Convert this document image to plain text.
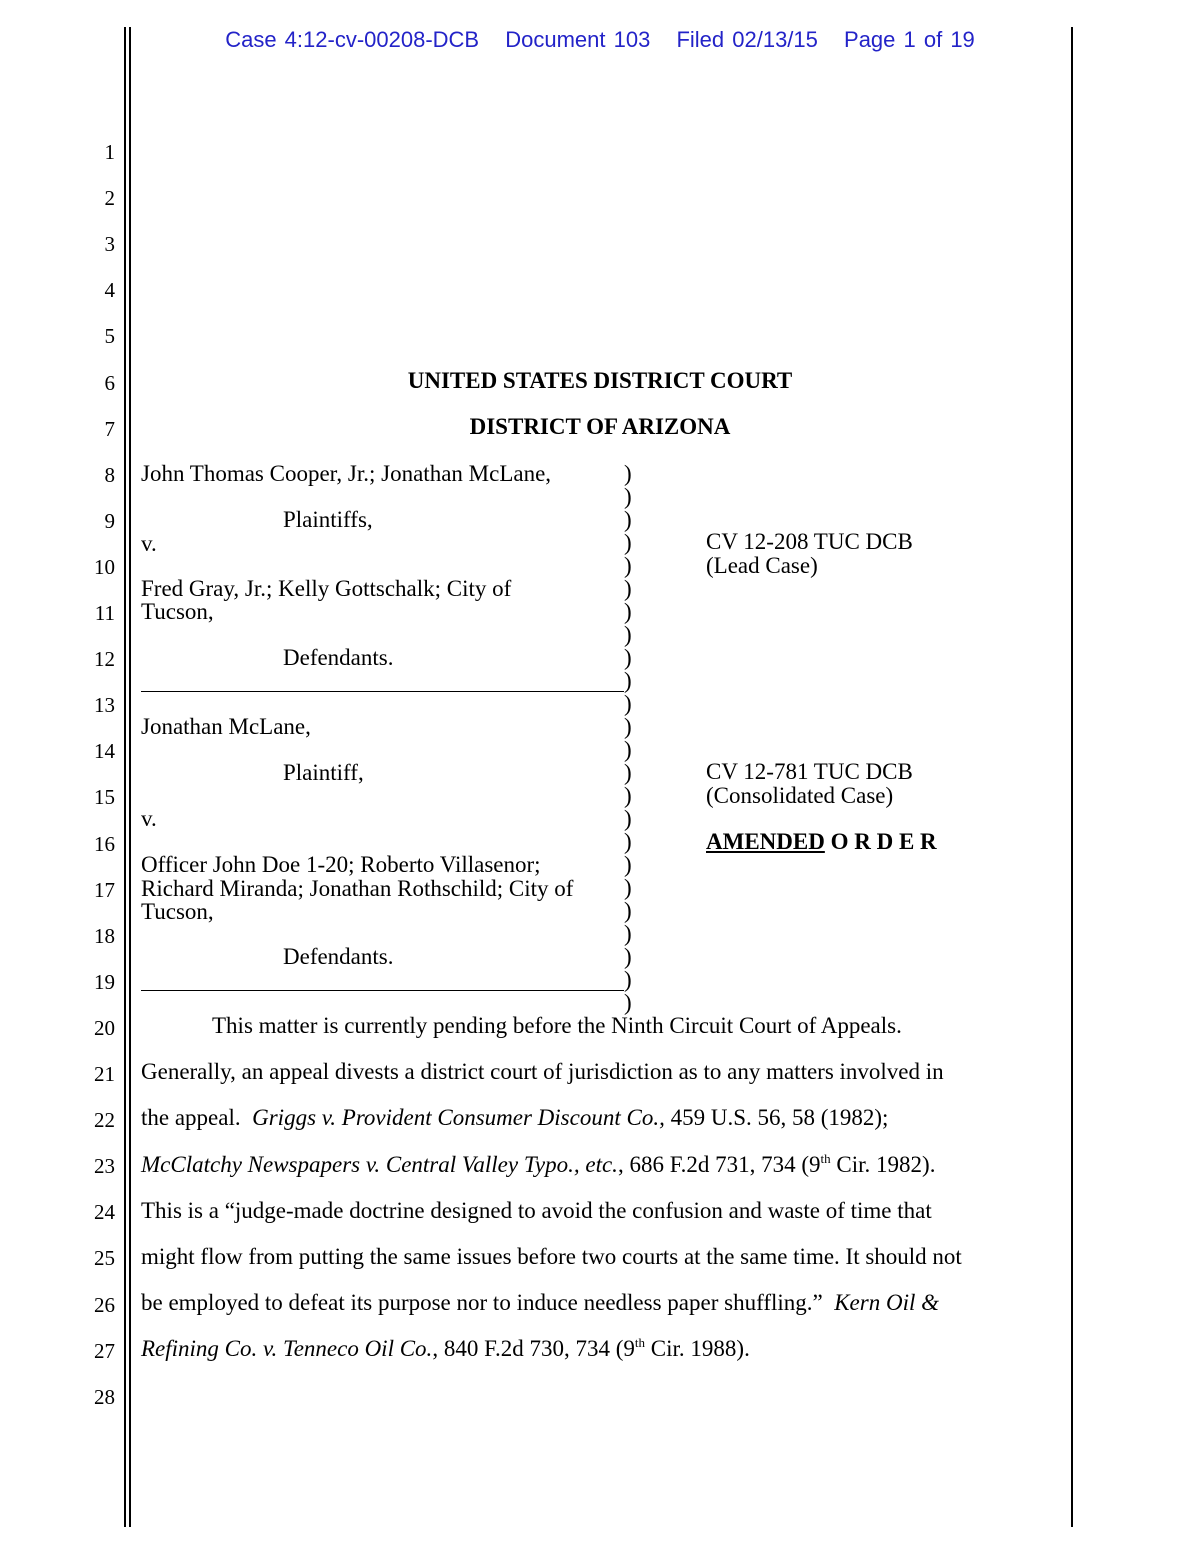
Case 4:12-cv-00208-DCB Document 103 Filed 02/13/15 Page 1 of 19
1
2
3
4
5
6
7
8
9
10
11
12
13
14
15
16
17
18
19
20
21
22
23
24
25
26
27
28
UNITED STATES DISTRICT COURT
DISTRICT OF ARIZONA
John Thomas Cooper, Jr.; Jonathan McLane,
Plaintiffs,
v.
Fred Gray, Jr.; Kelly Gottschalk; City of
Tucson,
Defendants.
CV 12-208 TUC DCB
(Lead Case)
Jonathan McLane,
Plaintiff,
v.
Officer John Doe 1-20; Roberto Villasenor;
Richard Miranda; Jonathan Rothschild; City of
Tucson,
Defendants.
CV 12-781 TUC DCB
(Consolidated Case)
AMENDED O R D E R
)
)
)
)
)
)
)
)
)
)
)
)
)
)
)
)
)
)
)
)
)
)
)
)
This matter is currently pending before the Ninth Circuit Court of Appeals.
Generally, an appeal divests a district court of jurisdiction as to any matters involved in
the appeal.  Griggs v. Provident Consumer Discount Co., 459 U.S. 56, 58 (1982);
McClatchy Newspapers v. Central Valley Typo., etc., 686 F.2d 731, 734 (9th Cir. 1982).
This is a “judge-made doctrine designed to avoid the confusion and waste of time that
might flow from putting the same issues before two courts at the same time. It should not
be employed to defeat its purpose nor to induce needless paper shuffling.”  Kern Oil &
Refining Co. v. Tenneco Oil Co., 840 F.2d 730, 734 (9th Cir. 1988).
